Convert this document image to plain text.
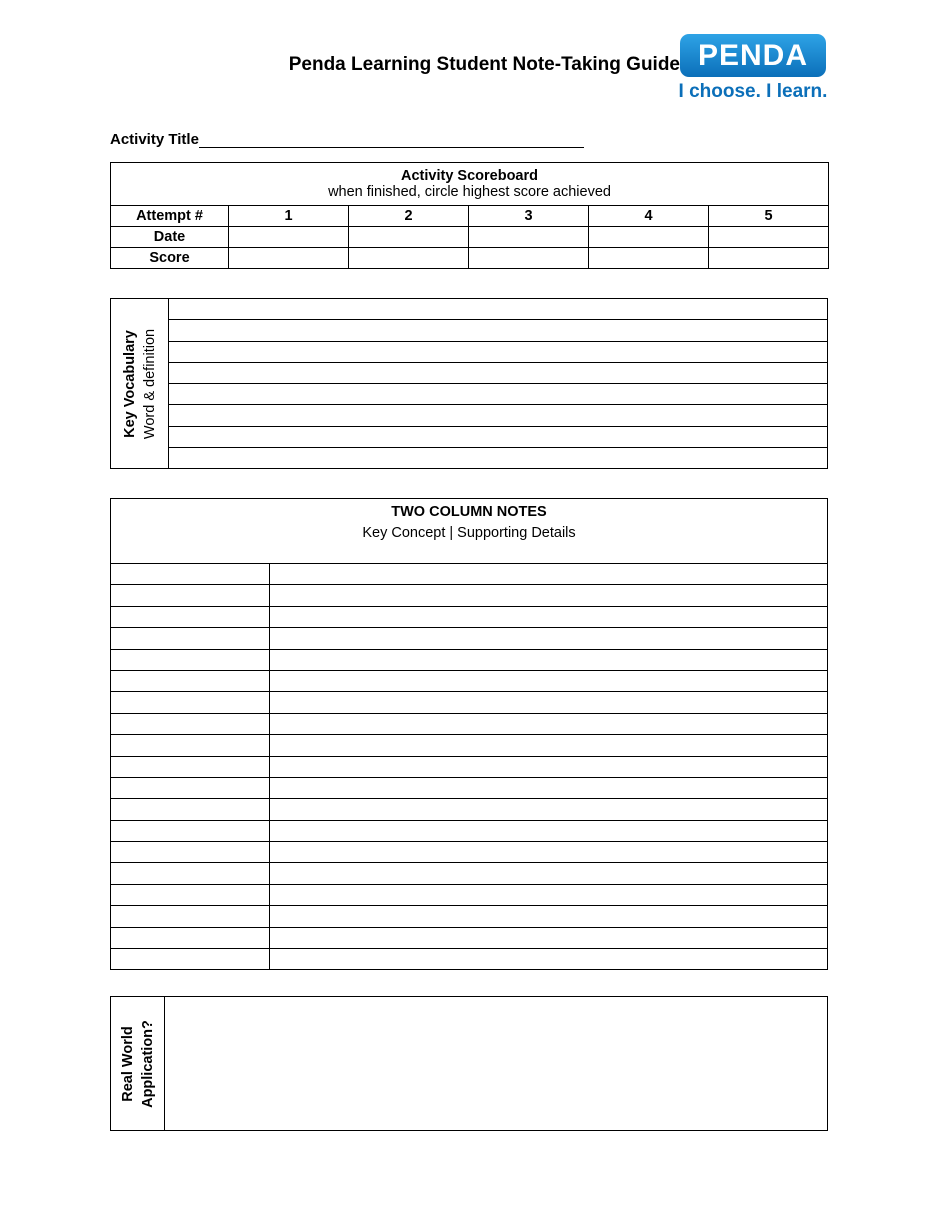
Penda Learning Student Note-Taking Guide PENDA
I choose. I learn.
Activity Title
Activity Scoreboard
when finished, circle highest score achieved					

Attempt #	1	2	3	4	5
Date					
Score					
Key Vocabulary Word & definition

TWO COLUMN NOTES
Key Concept | Supporting Details	

Real World Application?
